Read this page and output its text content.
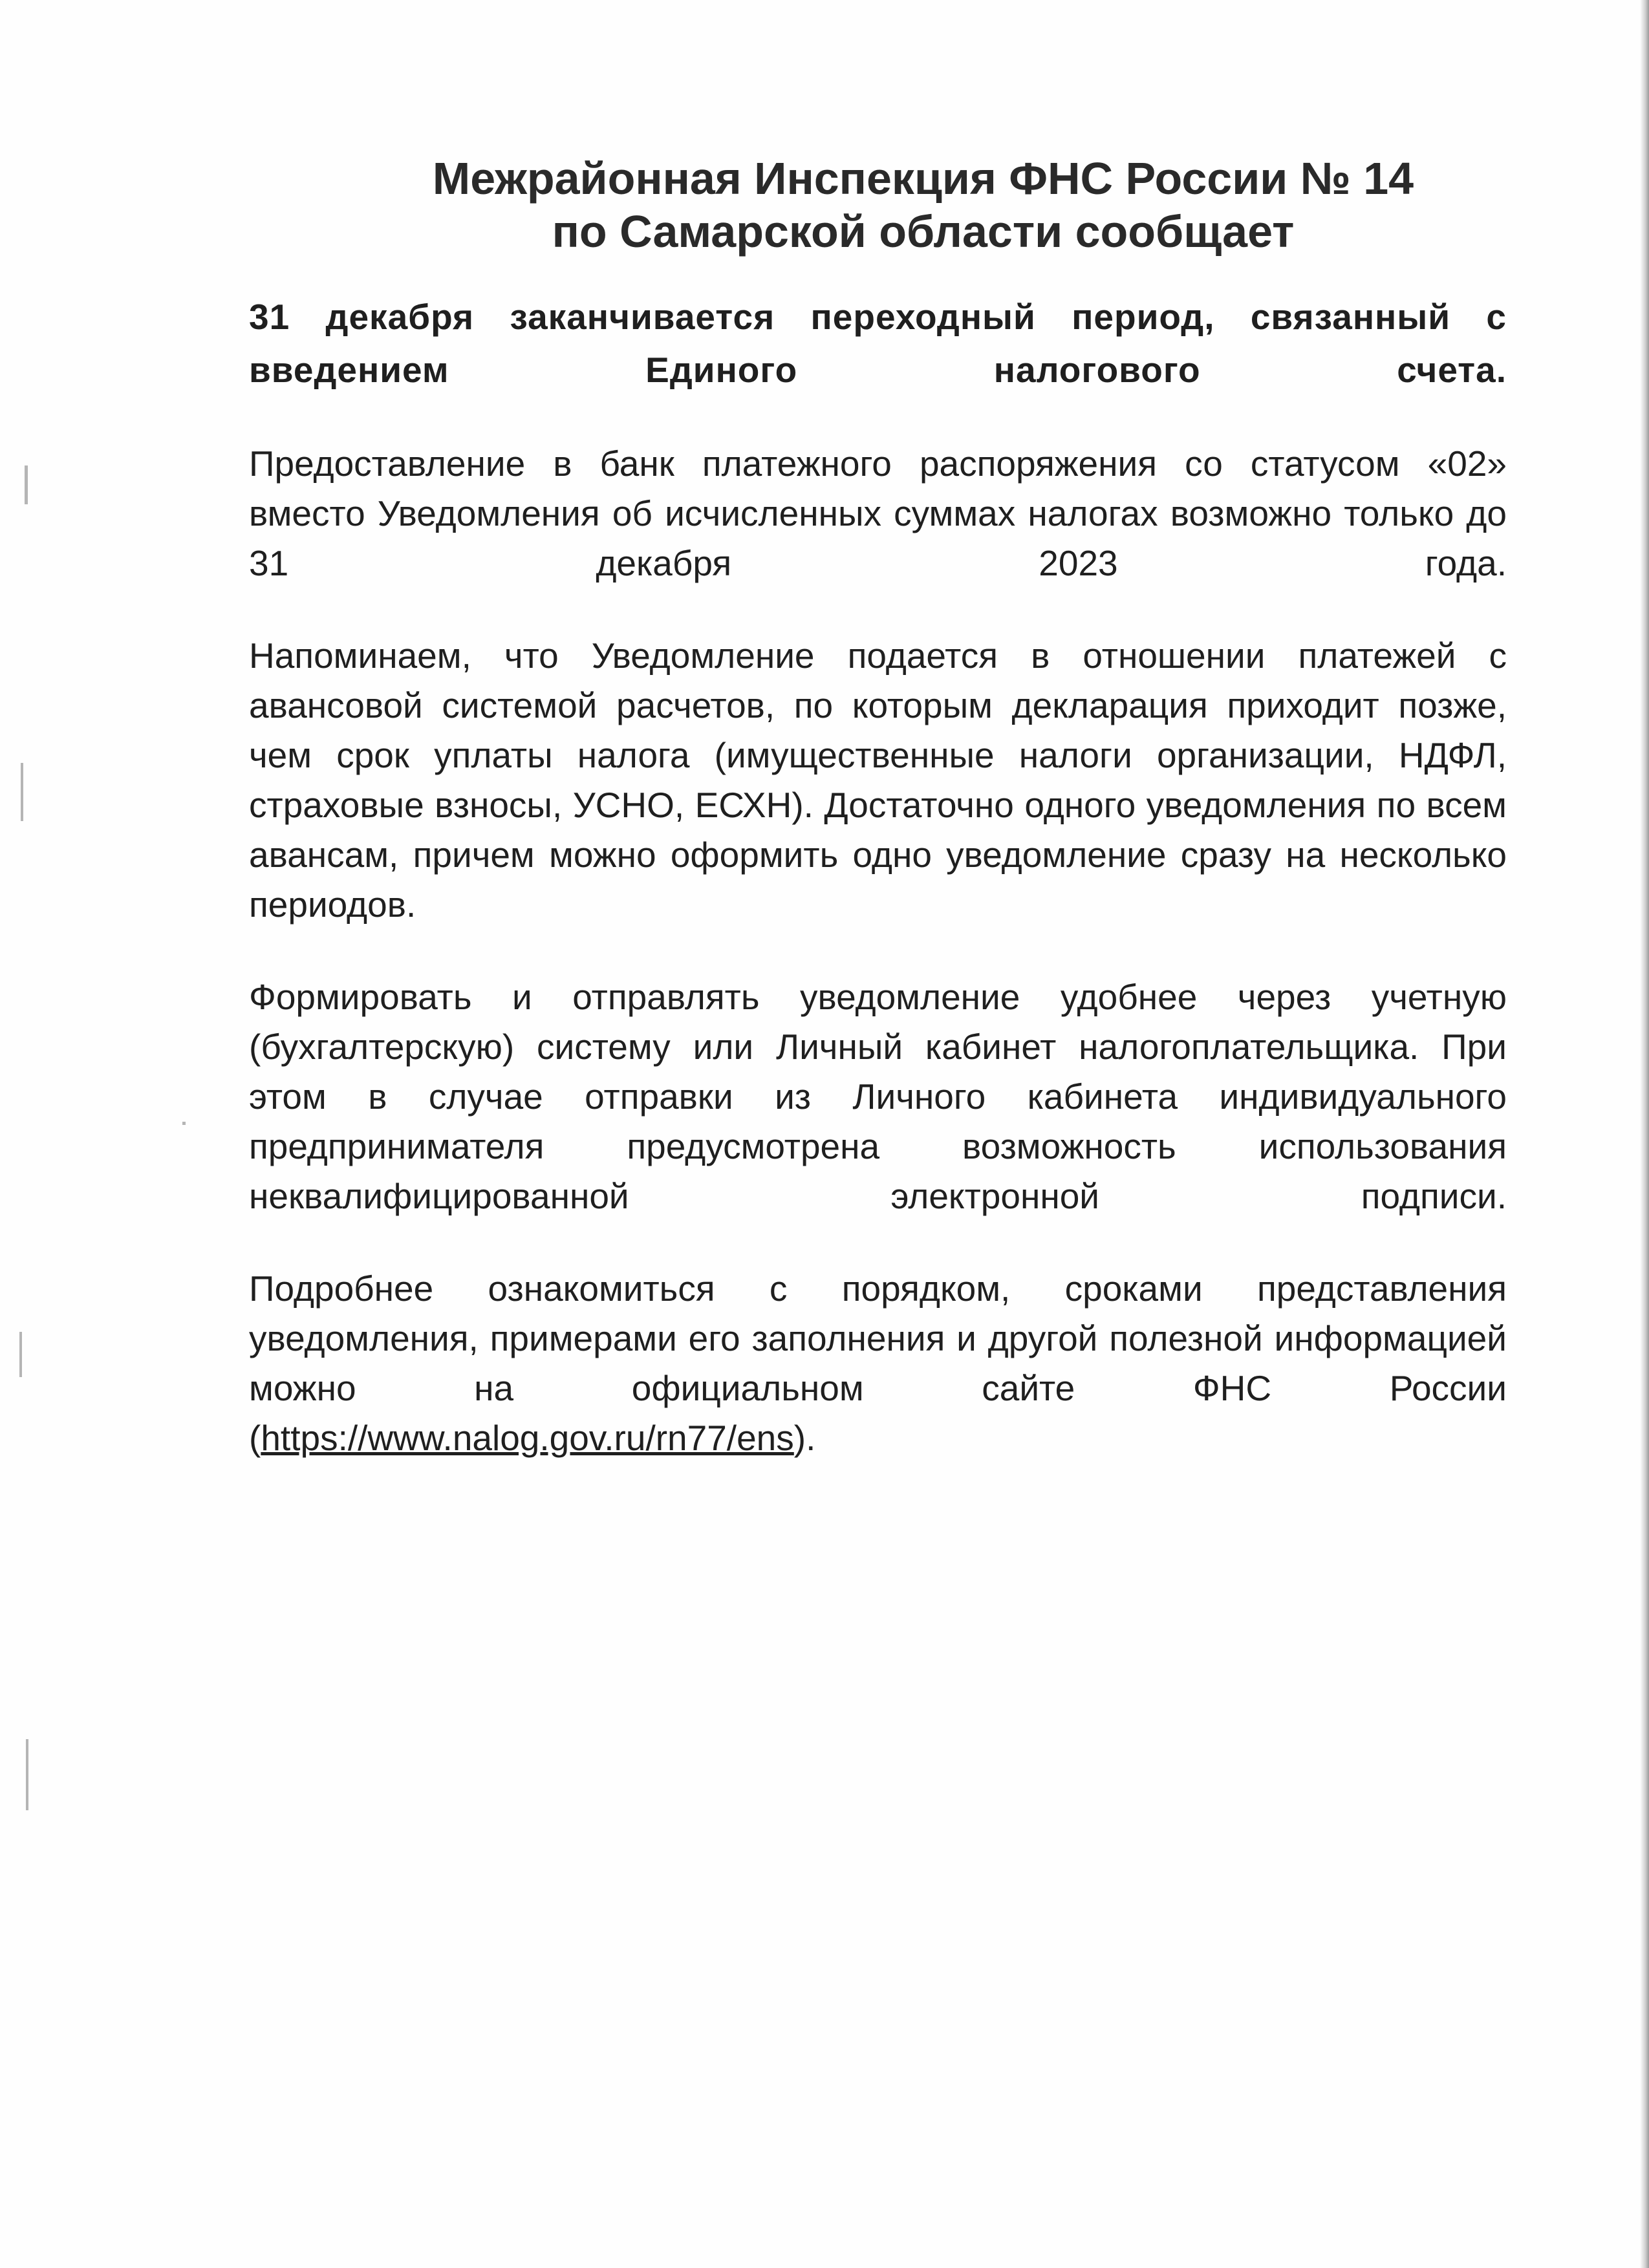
Межрайонная Инспекция ФНС России № 14
по Самарской области сообщает

31 декабря заканчивается переходный период, связанный с введением Единого налогового счета.

Предоставление в банк платежного распоряжения со статусом «02» вместо Уведомления об исчисленных суммах налогах возможно только до 31 декабря 2023 года.

Напоминаем, что Уведомление подается в отношении платежей с авансовой системой расчетов, по которым декларация приходит позже, чем срок уплаты налога (имущественные налоги организации, НДФЛ, страховые взносы, УСНО, ЕСХН). Достаточно одного уведомления по всем авансам, причем можно оформить одно уведомление сразу на несколько периодов.

Формировать и отправлять уведомление удобнее через учетную (бухгалтерскую) систему или Личный кабинет налогоплательщика. При этом в случае отправки из Личного кабинета индивидуального предпринимателя предусмотрена возможность использования неквалифицированной электронной подписи.

Подробнее ознакомиться с порядком, сроками представления уведомления, примерами его заполнения и другой полезной информацией можно на официальном сайте ФНС России (https://www.nalog.gov.ru/rn77/ens).
